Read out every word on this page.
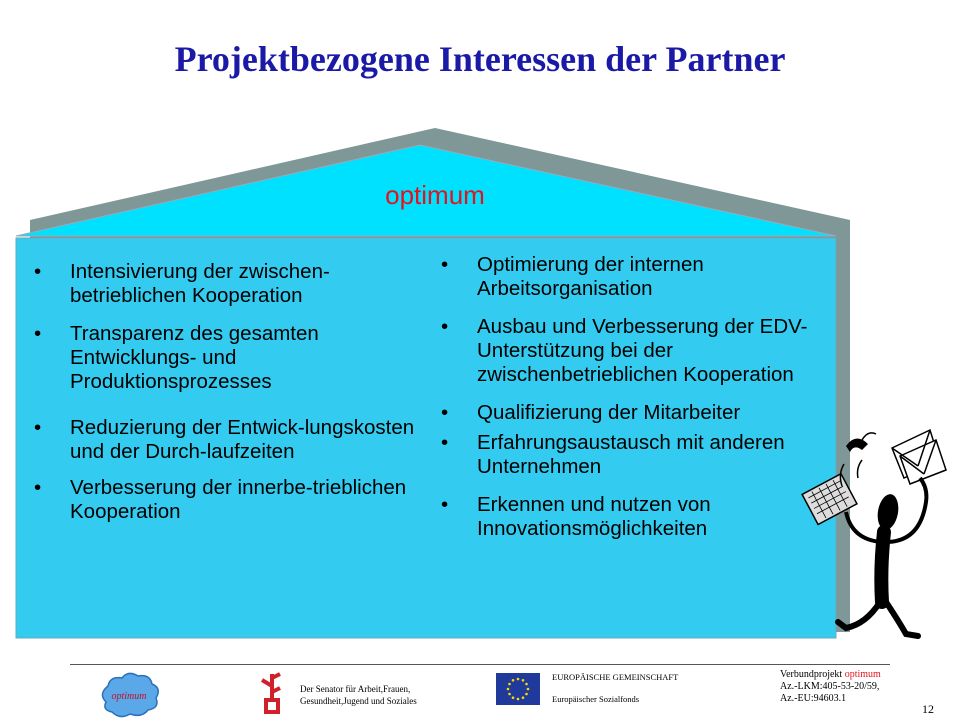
Projektbezogene Interessen der Partner
optimum
• Intensivierung der zwischen-betrieblichen Kooperation
• Transparenz des gesamten Entwicklungs- und Produktionsprozesses
• Reduzierung der Entwick-lungskosten und der Durch-laufzeiten
• Verbesserung der innerbe-trieblichen Kooperation
• Optimierung der internen Arbeitsorganisation
• Ausbau und Verbesserung der EDV-Unterstützung bei der zwischenbetrieblichen Kooperation
• Qualifizierung der Mitarbeiter
• Erfahrungsaustausch mit anderen Unternehmen
• Erkennen und nutzen von Innovationsmöglichkeiten
optimum
Der Senator für Arbeit,Frauen,
Gesundheit,Jugend und Soziales
EUROPÄISCHE GEMEINSCHAFT
Europäischer Sozialfonds
Verbundprojekt optimum
Az.-LKM:405-53-20/59,
Az.-EU:94603.1
12
